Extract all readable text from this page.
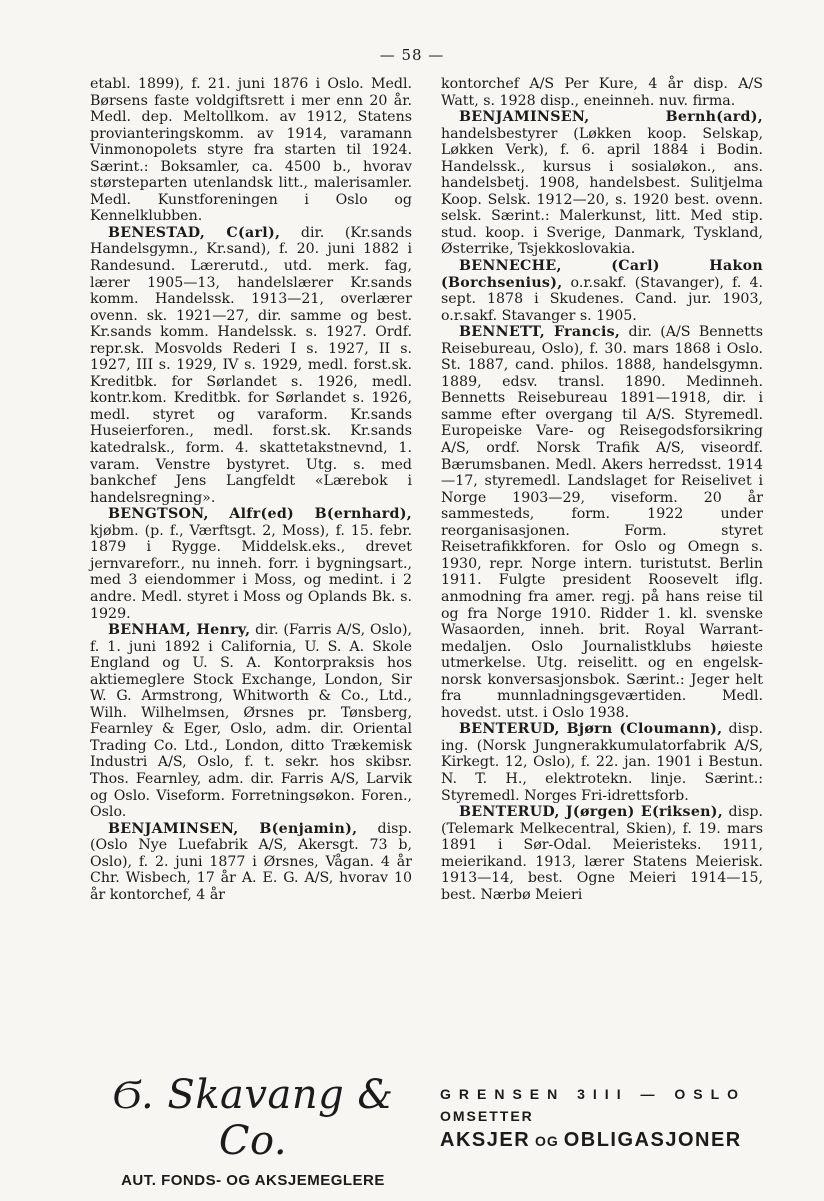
— 58 —

etabl. 1899), f. 21. juni 1876 i Oslo. Medl. Børsens faste voldgiftsrett i mer enn 20 år. Medl. dep. Meltollkom. av 1912, Statens provianteringskomm. av 1914, varamann Vinmonopolets styre fra starten til 1924. Særint.: Boksamler, ca. 4500 b., hvorav størsteparten utenlandsk litt., malerisamler. Medl. Kunstforeningen i Oslo og Kennelklubben.

BENESTAD, C(arl), dir. (Kr.sands Handelsgymn., Kr.sand), f. 20. juni 1882 i Randesund. Lærerutd., utd. merk. fag, lærer 1905—13, handelslærer Kr.sands komm. Handelssk. 1913—21, overlærer ovenn. sk. 1921—27, dir. samme og best. Kr.sands komm. Handelssk. s. 1927. Ordf. repr.sk. Mosvolds Rederi I s. 1927, II s. 1927, III s. 1929, IV s. 1929, medl. forst.sk. Kreditbk. for Sørlandet s. 1926, medl. kontr.kom. Kreditbk. for Sørlandet s. 1926, medl. styret og varaform. Kr.sands Huseierforen., medl. forst.sk. Kr.sands katedralsk., form. 4. skattetakstnevnd, 1. varam. Venstre bystyret. Utg. s. med bankchef Jens Langfeldt «Lærebok i handelsregning».

BENGTSON, Alfr(ed) B(ernhard), kjøbm. (p. f., Værftsgt. 2, Moss), f. 15. febr. 1879 i Rygge. Middelsk.eks., drevet jernvareforr., nu inneh. forr. i bygningsart., med 3 eiendommer i Moss, og medint. i 2 andre. Medl. styret i Moss og Oplands Bk. s. 1929.

BENHAM, Henry, dir. (Farris A/S, Oslo), f. 1. juni 1892 i California, U. S. A. Skole England og U. S. A. Kontorpraksis hos aktiemeglere Stock Exchange, London, Sir W. G. Armstrong, Whitworth & Co., Ltd., Wilh. Wilhelmsen, Ørsnes pr. Tønsberg, Fearnley & Eger, Oslo, adm. dir. Oriental Trading Co. Ltd., London, ditto Trækemisk Industri A/S, Oslo, f. t. sekr. hos skibsr. Thos. Fearnley, adm. dir. Farris A/S, Larvik og Oslo. Viseform. Forretningsøkon. Foren., Oslo.

BENJAMINSEN, B(enjamin), disp. (Oslo Nye Luefabrik A/S, Akersgt. 73 b, Oslo), f. 2. juni 1877 i Ørsnes, Vågan. 4 år Chr. Wisbech, 17 år A. E. G. A/S, hvorav 10 år kontorchef, 4 år

kontorchef A/S Per Kure, 4 år disp. A/S Watt, s. 1928 disp., eneinneh. nuv. firma.

BENJAMINSEN, Bernh(ard), handelsbestyrer (Løkken koop. Selskap, Løkken Verk), f. 6. april 1884 i Bodin. Handelssk., kursus i sosialøkon., ans. handelsbetj. 1908, handelsbest. Sulitjelma Koop. Selsk. 1912—20, s. 1920 best. ovenn. selsk. Særint.: Malerkunst, litt. Med stip. stud. koop. i Sverige, Danmark, Tyskland, Østerrike, Tsjekkoslovakia.

BENNECHE, (Carl) Hakon (Borchsenius), o.r.sakf. (Stavanger), f. 4. sept. 1878 i Skudenes. Cand. jur. 1903, o.r.sakf. Stavanger s. 1905.

BENNETT, Francis, dir. (A/S Bennetts Reisebureau, Oslo), f. 30. mars 1868 i Oslo. St. 1887, cand. philos. 1888, handelsgymn. 1889, edsv. transl. 1890. Medinneh. Bennetts Reisebureau 1891—1918, dir. i samme efter overgang til A/S. Styremedl. Europeiske Vare- og Reisegodsforsikring A/S, ordf. Norsk Trafik A/S, viseordf. Bærumsbanen. Medl. Akers herredsst. 1914—17, styremedl. Landslaget for Reiselivet i Norge 1903—29, viseform. 20 år sammesteds, form. 1922 under reorganisasjonen. Form. styret Reisetrafikkforen. for Oslo og Omegn s. 1930, repr. Norge intern. turistutst. Berlin 1911. Fulgte president Roosevelt iflg. anmodning fra amer. regj. på hans reise til og fra Norge 1910. Ridder 1. kl. svenske Wasaorden, inneh. brit. Royal Warrant-medaljen. Oslo Journalistklubs høieste utmerkelse. Utg. reiselitt. og en engelsk-norsk konversasjonsbok. Særint.: Jeger helt fra munnladningsgeværtiden. Medl. hovedst. utst. i Oslo 1938.

BENTERUD, Bjørn (Cloumann), disp. ing. (Norsk Jungnerakkumulatorfabrik A/S, Kirkegt. 12, Oslo), f. 22. jan. 1901 i Bestun. N. T. H., elektrotekn. linje. Særint.: Styremedl. Norges Fri-idrettsforb.

BENTERUD, J(ørgen) E(riksen), disp. (Telemark Melkecentral, Skien), f. 19. mars 1891 i Sør-Odal. Meieristeks. 1911, meierikand. 1913, lærer Statens Meierisk. 1913—14, best. Ogne Meieri 1914—15, best. Nærbø Meieri

Ϭ. Skavang & Co.
AUT. FONDS- OG AKSJEMEGLERE
GRENSEN 3III — OSLO
OMSETTER
AKSJER OG OBLIGASJONER
